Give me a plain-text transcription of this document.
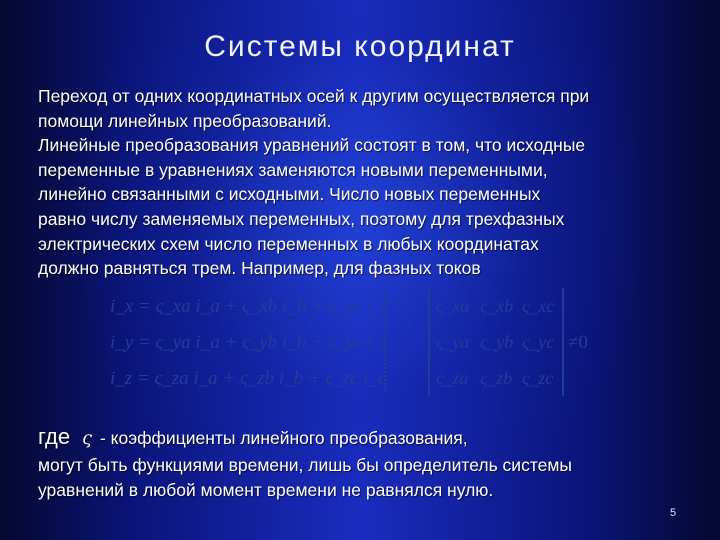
Системы координат
Переход от одних координатных осей к другим осуществляется при
помощи линейных преобразований.
Линейные преобразования уравнений состоят в том, что исходные
переменные в уравнениях заменяются новыми переменными,
линейно связанными с исходными. Число новых переменных
равно числу заменяемых переменных, поэтому для трехфазных
электрических схем число переменных в любых координатах
должно равняться трем. Например, для фазных токов
i_x = ς_xa i_a + ς_xb i_b + ς_xc i_c
i_y = ς_ya i_a + ς_yb i_b + ς_yc i_c
i_z = ς_za i_a + ς_zb i_b + ς_zc i_c
ς_xa ς_xb ς_xc
ς_ya ς_yb ς_yc
ς_za ς_zb ς_zc
≠0
где ς - коэффициенты линейного преобразования,
могут быть функциями времени, лишь бы определитель системы
уравнений в любой момент времени не равнялся нулю.
5
